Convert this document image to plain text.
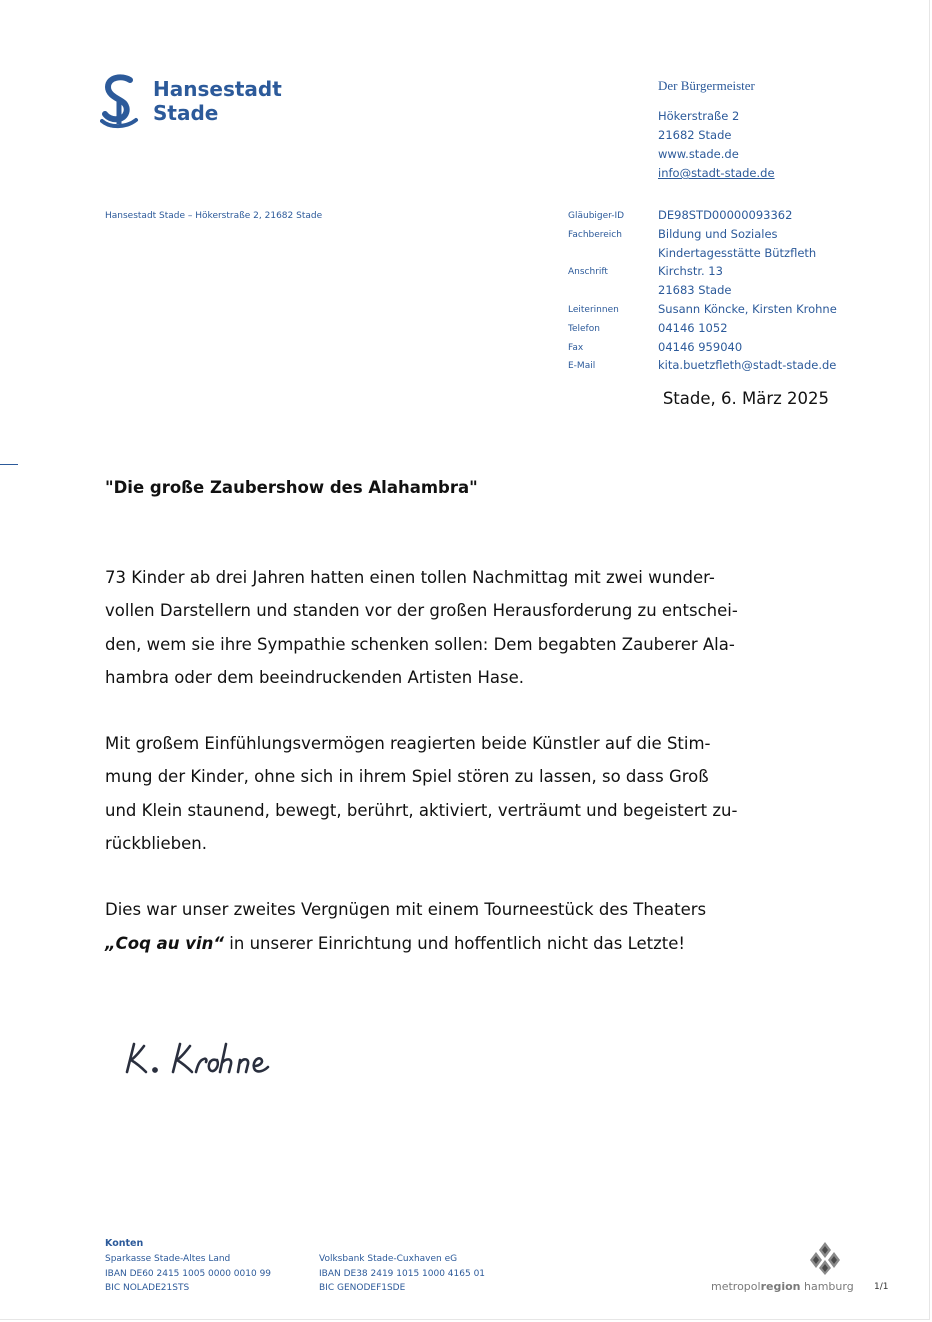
Hansestadt
Stade
Der Bürgermeister
Hökerstraße 2
21682 Stade
www.stade.de
info@stadt-stade.de
Hansestadt Stade – Hökerstraße 2, 21682 Stade	Gläubiger-ID	DE98STD00000093362
Fachbereich	Bildung und Soziales
Kindertagesstätte Bützfleth
Anschrift	Kirchstr. 13
21683 Stade
Leiterinnen	Susann Köncke, Kirsten Krohne
Telefon	04146 1052
Fax	04146 959040
E-Mail	kita.buetzfleth@stadt-stade.de
Stade, 6. März 2025
"Die große Zaubershow des Alahambra"

73 Kinder ab drei Jahren hatten einen tollen Nachmittag mit zwei wunder-
vollen Darstellern und standen vor der großen Herausforderung zu entschei-
den, wem sie ihre Sympathie schenken sollen: Dem begabten Zauberer Ala-
hambra oder dem beeindruckenden Artisten Hase.

Mit großem Einfühlungsvermögen reagierten beide Künstler auf die Stim-
mung der Kinder, ohne sich in ihrem Spiel stören zu lassen, so dass Groß
und Klein staunend, bewegt, berührt, aktiviert, verträumt und begeistert zu-
rückblieben.

Dies war unser zweites Vergnügen mit einem Tourneestück des Theaters
„Coq au vin“ in unserer Einrichtung und hoffentlich nicht das Letzte!

Konten
Sparkasse Stade-Altes Land
IBAN DE60 2415 1005 0000 0010 99
BIC NOLADE21STS
Volksbank Stade-Cuxhaven eG
IBAN DE38 2419 1015 1000 4165 01
BIC GENODEF1SDE	metropolregion hamburg 1/1
